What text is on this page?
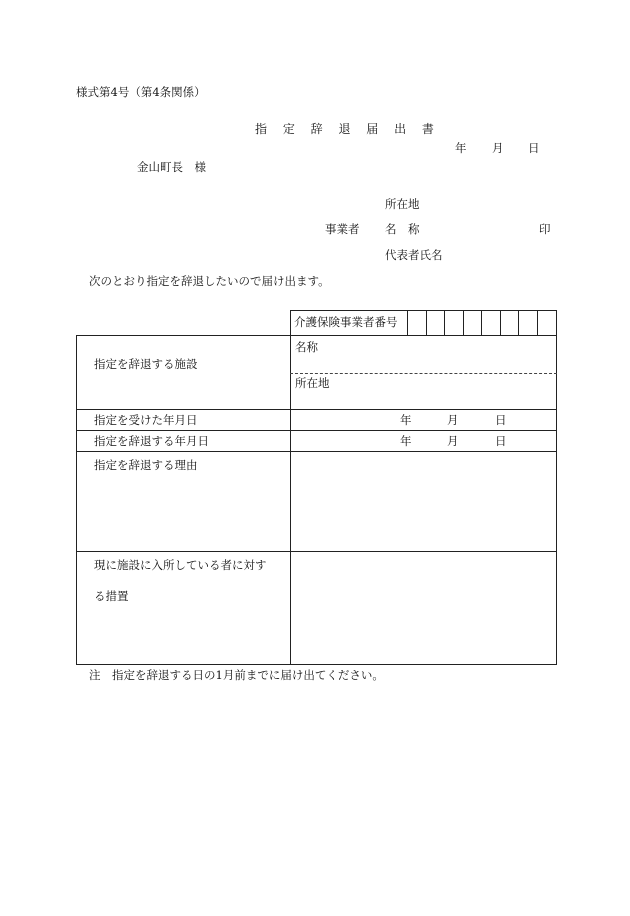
様式第4号（第4条関係）
指 定 辞 退 届 出 書
年 月 日
金山町長　様
所在地
事業者 名　称	印
代表者氏名
次のとおり指定を辞退したいので届け出ます。
介護保険事業者番号
指定を辞退する施設
名称
所在地
指定を受けた年月日	年	月	日
指定を辞退する年月日	年	月	日
指定を辞退する理由
現に施設に入所している者に対す
る措置
注　指定を辞退する日の1月前までに届け出てください。
